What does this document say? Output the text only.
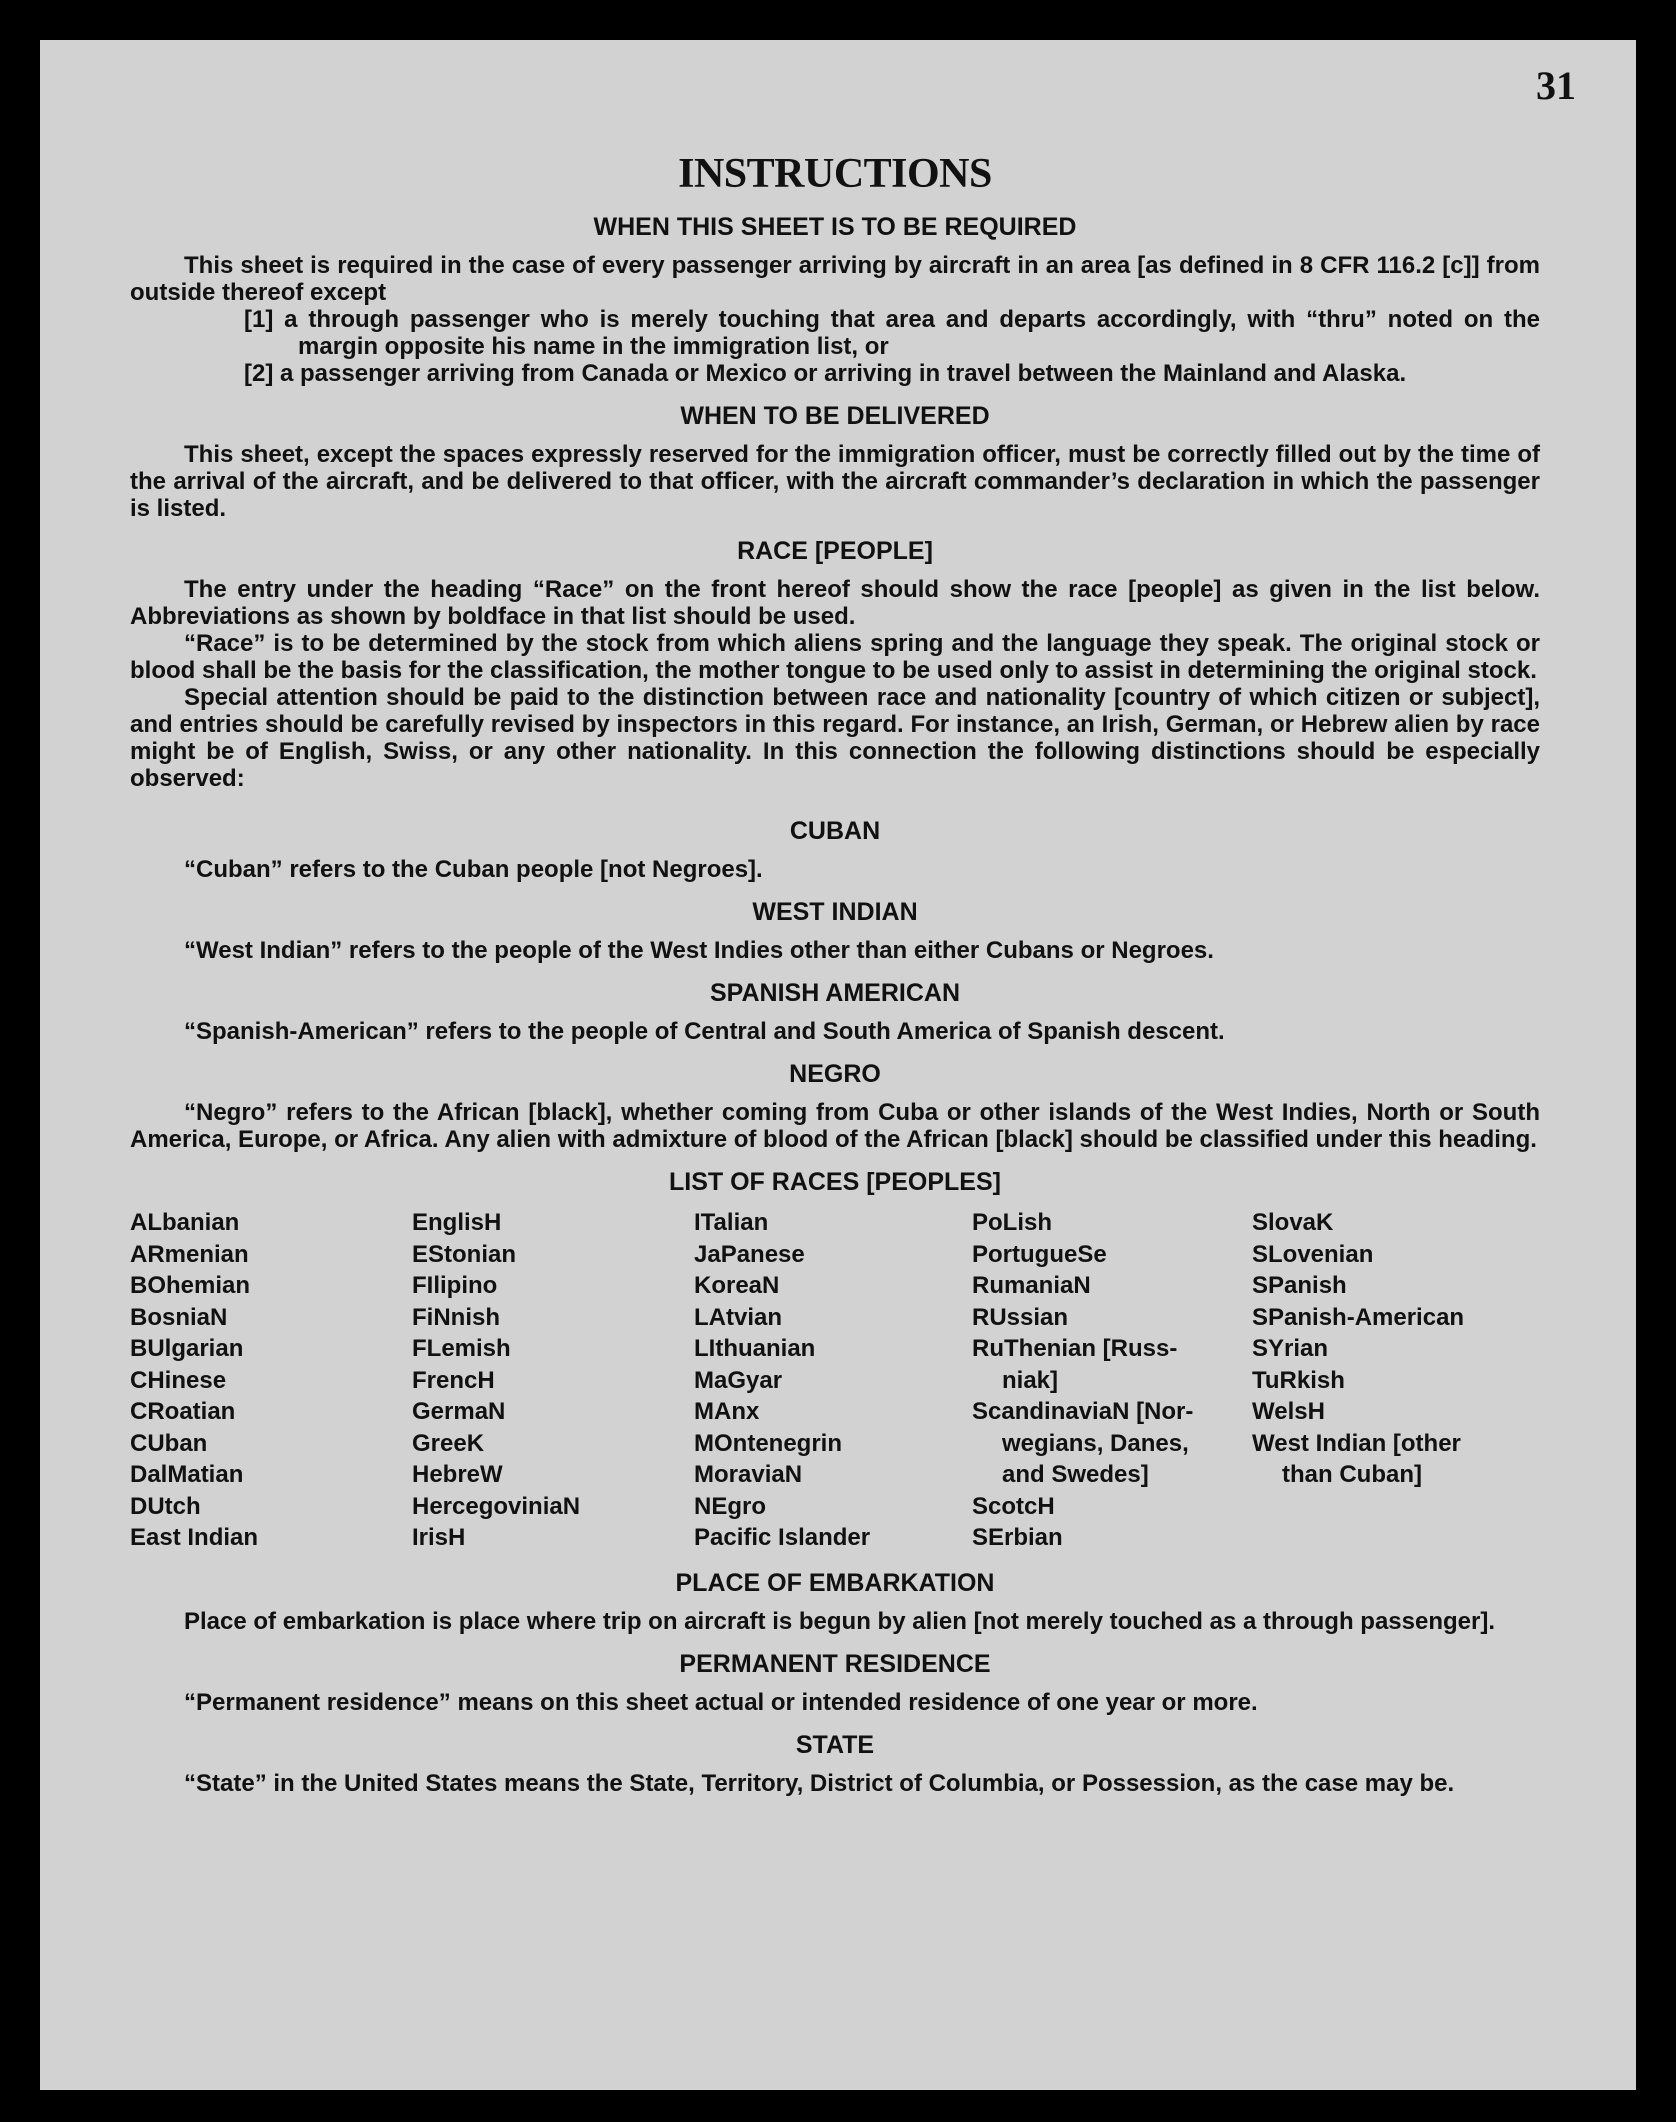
31
INSTRUCTIONS
WHEN THIS SHEET IS TO BE REQUIRED

This sheet is required in the case of every passenger arriving by aircraft in an area [as defined in 8 CFR 116.2 [c]] from outside thereof except

[1] a through passenger who is merely touching that area and departs accordingly, with “thru” noted on the margin opposite his name in the immigration list, or
[2] a passenger arriving from Canada or Mexico or arriving in travel between the Mainland and Alaska.
WHEN TO BE DELIVERED

This sheet, except the spaces expressly reserved for the immigration officer, must be correctly filled out by the time of the arrival of the aircraft, and be delivered to that officer, with the aircraft commander’s declaration in which the passenger is listed.

RACE [PEOPLE]

The entry under the heading “Race” on the front hereof should show the race [people] as given in the list below. Abbreviations as shown by boldface in that list should be used.

“Race” is to be determined by the stock from which aliens spring and the language they speak. The original stock or blood shall be the basis for the classification, the mother tongue to be used only to assist in determining the original stock.

Special attention should be paid to the distinction between race and nationality [country of which citizen or subject], and entries should be carefully revised by inspectors in this regard. For instance, an Irish, German, or Hebrew alien by race might be of English, Swiss, or any other nationality. In this connection the following distinctions should be especially observed:

CUBAN

“Cuban” refers to the Cuban people [not Negroes].

WEST INDIAN

“West Indian” refers to the people of the West Indies other than either Cubans or Negroes.

SPANISH AMERICAN

“Spanish-American” refers to the people of Central and South America of Spanish descent.

NEGRO

“Negro” refers to the African [black], whether coming from Cuba or other islands of the West Indies, North or South America, Europe, or Africa. Any alien with admixture of blood of the African [black] should be classified under this heading.

LIST OF RACES [PEOPLES]
ALbanian
ARmenian
BOhemian
BosniaN
BUlgarian
CHinese
CRoatian
CUban
DalMatian
DUtch
East Indian
EnglisH
EStonian
FIlipino
FiNnish
FLemish
FrencH
GermaN
GreeK
HebreW
HercegoviniaN
IrisH
ITalian
JaPanese
KoreaN
LAtvian
LIthuanian
MaGyar
MAnx
MOntenegrin
MoraviaN
NEgro
Pacific Islander
PoLish
PortugueSe
RumaniaN
RUssian
RuThenian [Russ-
niak]
ScandinaviaN [Nor-
wegians, Danes,
and Swedes]
ScotcH
SErbian
SlovaK
SLovenian
SPanish
SPanish-American
SYrian
TuRkish
WelsH
West Indian [other
than Cuban]
PLACE OF EMBARKATION

Place of embarkation is place where trip on aircraft is begun by alien [not merely touched as a through passenger].

PERMANENT RESIDENCE

“Permanent residence” means on this sheet actual or intended residence of one year or more.

STATE

“State” in the United States means the State, Territory, District of Columbia, or Possession, as the case may be.
